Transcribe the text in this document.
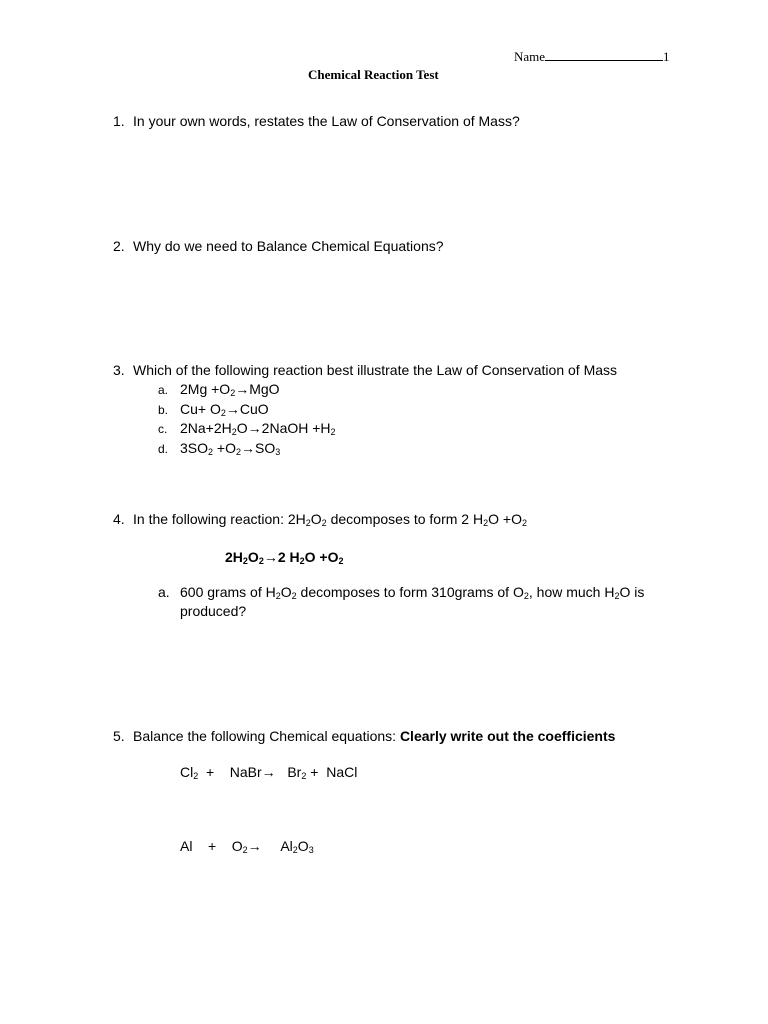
Name	1
Chemical Reaction Test
1. In your own words, restates the Law of Conservation of Mass?
2. Why do we need to Balance Chemical Equations?
3. Which of the following reaction best illustrate the Law of Conservation of Mass
a. $2Mg +O_2\to MgO$
b. $Cu+ O_2\to CuO$
c. $2Na+2H_2O\to 2NaOH +H_2$
d. $3SO_2 +O_2\to SO_3$
4. In the following reaction: $2H_2O_2$ decomposes to form 2 $H_2O +O_2$
$2H_2O_2\to 2$ $H_2O +O_2$
a. 600 grams of $H_2O_2$ decomposes to form 310grams of $O_2$, how much $H_2O$ is
produced?
5. Balance the following Chemical equations: Clearly write out the coefficients
$Cl_2$  +    NaBr→   $Br_2$ +  NaCl
Al    +    $O_2\to$     $Al_2O_3$
